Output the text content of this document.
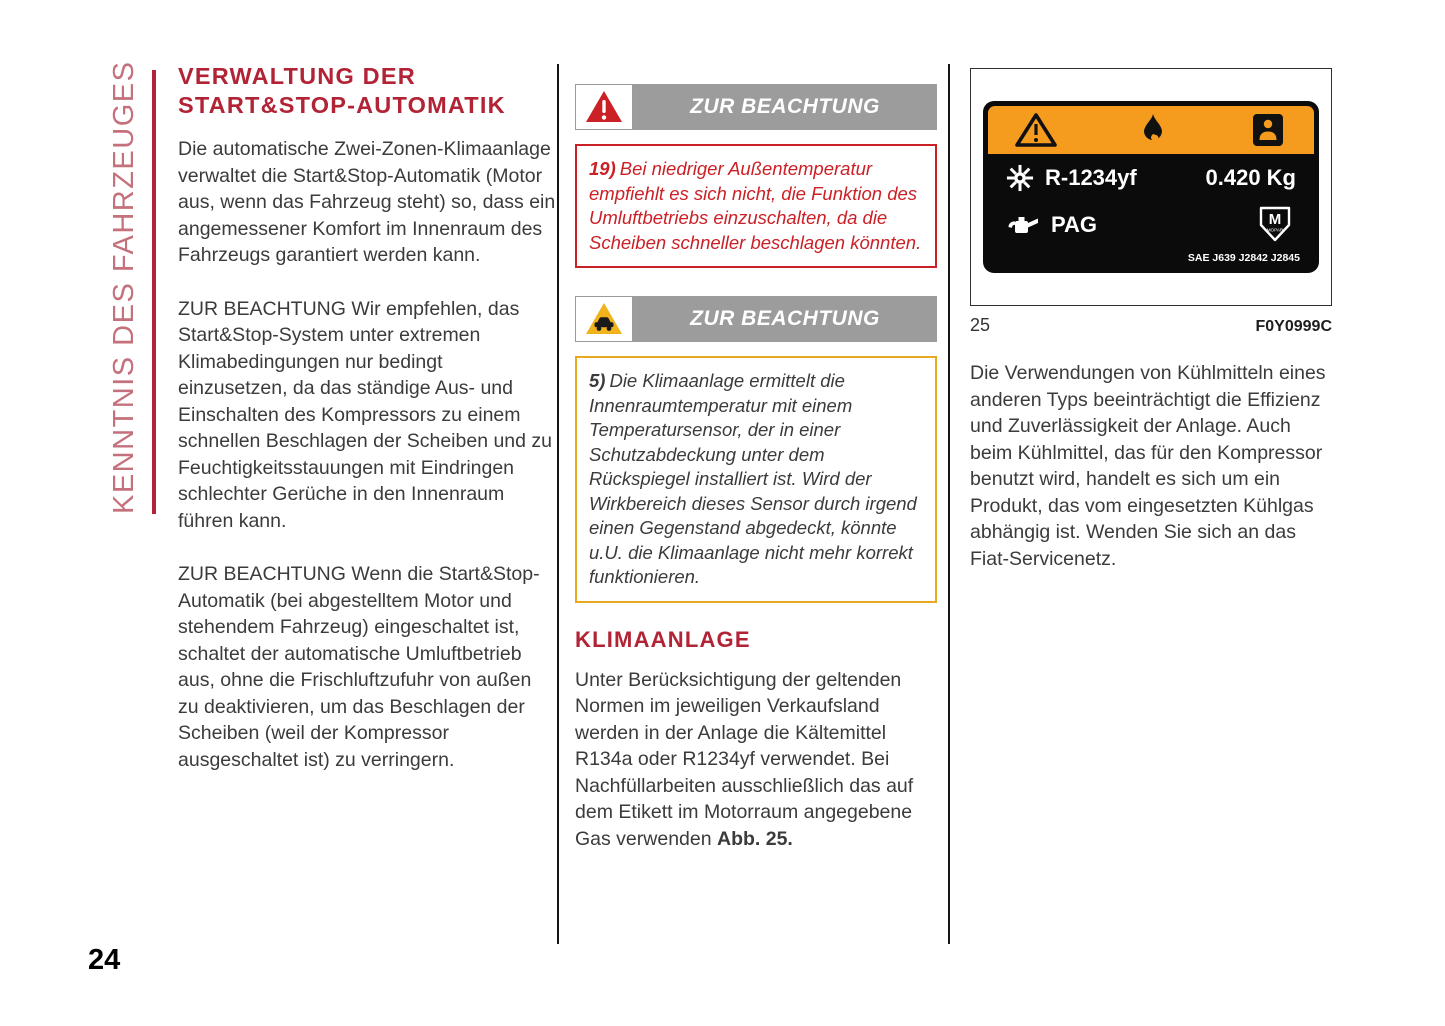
KENNTNIS DES FAHRZEUGES
24
VERWALTUNG DER START&STOP-AUTOMATIK

Die automatische Zwei-Zonen-Klimaanlage verwaltet die Start&Stop-Automatik (Motor aus, wenn das Fahrzeug steht) so, dass ein angemessener Komfort im Innenraum des Fahrzeugs garantiert werden kann.

ZUR BEACHTUNG Wir empfehlen, das Start&Stop-System unter extremen Klimabedingungen nur bedingt einzusetzen, da das ständige Aus- und Einschalten des Kompressors zu einem schnellen Beschlagen der Scheiben und zu Feuchtigkeitsstauungen mit Eindringen schlechter Gerüche in den Innenraum führen kann.

ZUR BEACHTUNG Wenn die Start&Stop-Automatik (bei abgestelltem Motor und stehendem Fahrzeug) eingeschaltet ist, schaltet der automatische Umluftbetrieb aus, ohne die Frischluftzufuhr von außen zu deaktivieren, um das Beschlagen der Scheiben (weil der Kompressor ausgeschaltet ist) zu verringern.

ZUR BEACHTUNG
19) Bei niedriger Außentemperatur empfiehlt es sich nicht, die Funktion des Umluftbetriebs einzuschalten, da die Scheiben schneller beschlagen könnten.
ZUR BEACHTUNG
5) Die Klimaanlage ermittelt die Innenraumtemperatur mit einem Temperatursensor, der in einer Schutzabdeckung unter dem Rückspiegel installiert ist. Wird der Wirkbereich dieses Sensor durch irgend einen Gegenstand abgedeckt, könnte u.U. die Klimaanlage nicht mehr korrekt funktionieren.
KLIMAANLAGE

Unter Berücksichtigung der geltenden Normen im jeweiligen Verkaufsland werden in der Anlage die Kältemittel R134a oder R1234yf verwendet. Bei Nachfüllarbeiten ausschließlich das auf dem Etikett im Motorraum angegebene Gas verwenden Abb. 25.

R-1234yf	0.420 Kg
PAG	M
MOPAR
SAE J639 J2842 J2845
25	F0Y0999C

Die Verwendungen von Kühlmitteln eines anderen Typs beeinträchtigt die Effizienz und Zuverlässigkeit der Anlage. Auch beim Kühlmittel, das für den Kompressor benutzt wird, handelt es sich um ein Produkt, das vom eingesetzten Kühlgas abhängig ist. Wenden Sie sich an das Fiat-Servicenetz.
